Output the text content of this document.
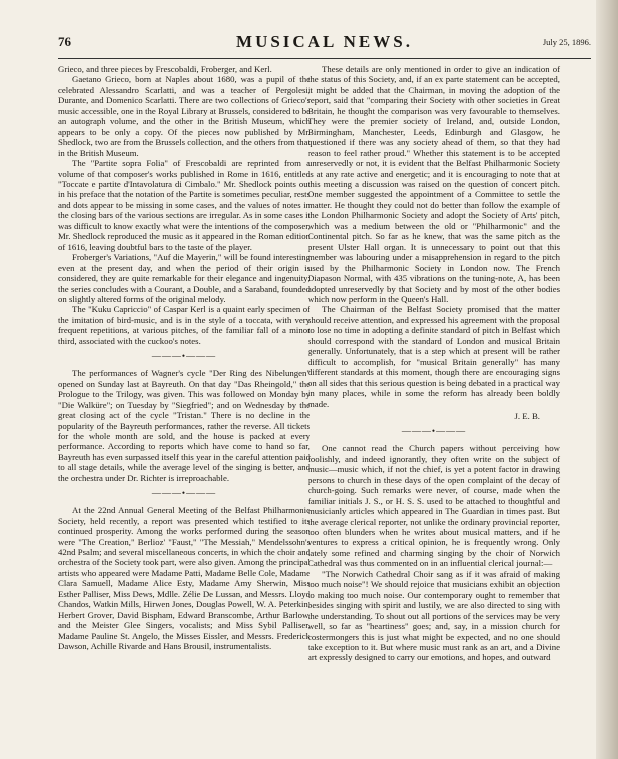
76	MUSICAL NEWS.	July 25, 1896.

Grieco, and three pieces by Frescobaldi, Froberger, and Kerl.

Gaetano Grieco, born at Naples about 1680, was a pupil of the celebrated Alessandro Scarlatti, and was a teacher of Pergolesi, Durante, and Domenico Scarlatti. There are two collections of Grieco's music accessible, one in the Royal Library at Brussels, considered to be an autograph volume, and the other in the British Museum, which appears to be only a copy. Of the pieces now published by Mr. Shedlock, two are from the Brussels collection, and the others from that in the British Museum.

The "Partite sopra Folia" of Frescobaldi are reprinted from a volume of that composer's works published in Rome in 1616, entitled "Toccate e partite d'Intavolatura di Cimbalo." Mr. Shedlock points out in his preface that the notation of the Partite is sometimes peculiar, rests and dots appear to be missing in some cases, and the values of notes in the closing bars of the various sections are irregular. As in some cases it was difficult to know exactly what were the intentions of the composer, Mr. Shedlock reproduced the music as it appeared in the Roman edition of 1616, leaving doubtful bars to the taste of the player.

Froberger's Variations, "Auf die Mayerin," will be found interesting even at the present day, and when the period of their origin is considered, they are quite remarkable for their elegance and ingenuity; the series concludes with a Courant, a Double, and a Saraband, founded on slightly altered forms of the original melody.

The "Kuku Capriccio" of Caspar Kerl is a quaint early specimen of the imitation of bird-music, and is in the style of a toccata, with very frequent repetitions, at various pitches, of the familiar fall of a minor third, associated with the cuckoo's notes.

———•———

The performances of Wagner's cycle "Der Ring des Nibelungen" opened on Sunday last at Bayreuth. On that day "Das Rheingold," the Prologue to the Trilogy, was given. This was followed on Monday by "Die Walküre"; on Tuesday by "Siegfried"; and on Wednesday by the great closing act of the cycle "Tristan." There is no decline in the popularity of the Bayreuth performances, rather the reverse. All tickets for the whole month are sold, and the house is packed at every performance. According to reports which have come to hand so far, Bayreuth has even surpassed itself this year in the careful attention paid to all stage details, while the average level of the singing is better, and the orchestra under Dr. Richter is irreproachable.

———•———

At the 22nd Annual General Meeting of the Belfast Philharmonic Society, held recently, a report was presented which testified to its continued prosperity. Among the works performed during the season were "The Creation," Berlioz' "Faust," "The Messiah," Mendelssohn's 42nd Psalm; and several miscellaneous concerts, in which the choir and orchestra of the Society took part, were also given. Among the principal artists who appeared were Madame Patti, Madame Belle Cole, Madame Clara Samuell, Madame Alice Esty, Madame Amy Sherwin, Miss Esther Palliser, Miss Dews, Mdlle. Zélie De Lussan, and Messrs. Lloyd Chandos, Watkin Mills, Hirwen Jones, Douglas Powell, W. A. Peterkin, Herbert Grover, David Bispham, Edward Branscombe, Arthur Barlow, and the Meister Glee Singers, vocalists; and Miss Sybil Palliser, Madame Pauline St. Angelo, the Misses Eissler, and Messrs. Frederick Dawson, Achille Rivarde and Hans Brousil, instrumentalists.

These details are only mentioned in order to give an indication of the status of this Society, and, if an ex parte statement can be accepted, it might be added that the Chairman, in moving the adoption of the report, said that "comparing their Society with other societies in Great Britain, he thought the comparison was very favourable to themselves. They were the premier society of Ireland, and, outside London, Birmingham, Manchester, Leeds, Edinburgh and Glasgow, he questioned if there was any society ahead of them, so that they had reason to feel rather proud." Whether this statement is to be accepted unreservedly or not, it is evident that the Belfast Philharmonic Society is at any rate active and energetic; and it is encouraging to note that at this meeting a discussion was raised on the question of concert pitch. One member suggested the appointment of a Committee to settle the matter. He thought they could not do better than follow the example of the London Philharmonic Society and adopt the Society of Arts' pitch, which was a medium between the old or "Philharmonic" and the Continental pitch. So far as he knew, that was the same pitch as the present Ulster Hall organ. It is unnecessary to point out that this member was labouring under a misapprehension in regard to the pitch used by the Philharmonic Society in London now. The French Diapason Normal, with 435 vibrations on the tuning-note, A, has been adopted unreservedly by that Society and by most of the other bodies which now perform in the Queen's Hall.

The Chairman of the Belfast Society promised that the matter should receive attention, and expressed his agreement with the proposal to lose no time in adopting a definite standard of pitch in Belfast which should correspond with the standard of London and musical Britain generally. Unfortunately, that is a step which at present will be rather difficult to accomplish, for "musical Britain generally" has many different standards at this moment, though there are encouraging signs on all sides that this serious question is being debated in a practical way in many places, while in some the reform has already been boldly made.

J. E. B.
———•———

One cannot read the Church papers without perceiving how foolishly, and indeed ignorantly, they often write on the subject of music—music which, if not the chief, is yet a potent factor in drawing persons to church in these days of the open complaint of the decay of church-going. Such remarks were never, of course, made when the familiar initials J. S., or H. S. S. used to be attached to thoughtful and musicianly articles which appeared in The Guardian in times past. But the average clerical reporter, not unlike the ordinary provincial reporter, too often blunders when he writes about musical matters, and if he ventures to express a critical opinion, he is frequently wrong. Only lately some refined and charming singing by the choir of Norwich Cathedral was thus commented on in an influential clerical journal:—

"The Norwich Cathedral Choir sang as if it was afraid of making too much noise"! We should rejoice that musicians exhibit an objection to making too much noise. Our contemporary ought to remember that besides singing with spirit and lustily, we are also directed to sing with the understanding. To shout out all portions of the services may be very well, so far as "heartiness" goes; and, say, in a mission church for costermongers this is just what might be expected, and no one should take exception to it. But where music must rank as an art, and a Divine art expressly designed to carry our emotions, and hopes, and outward
